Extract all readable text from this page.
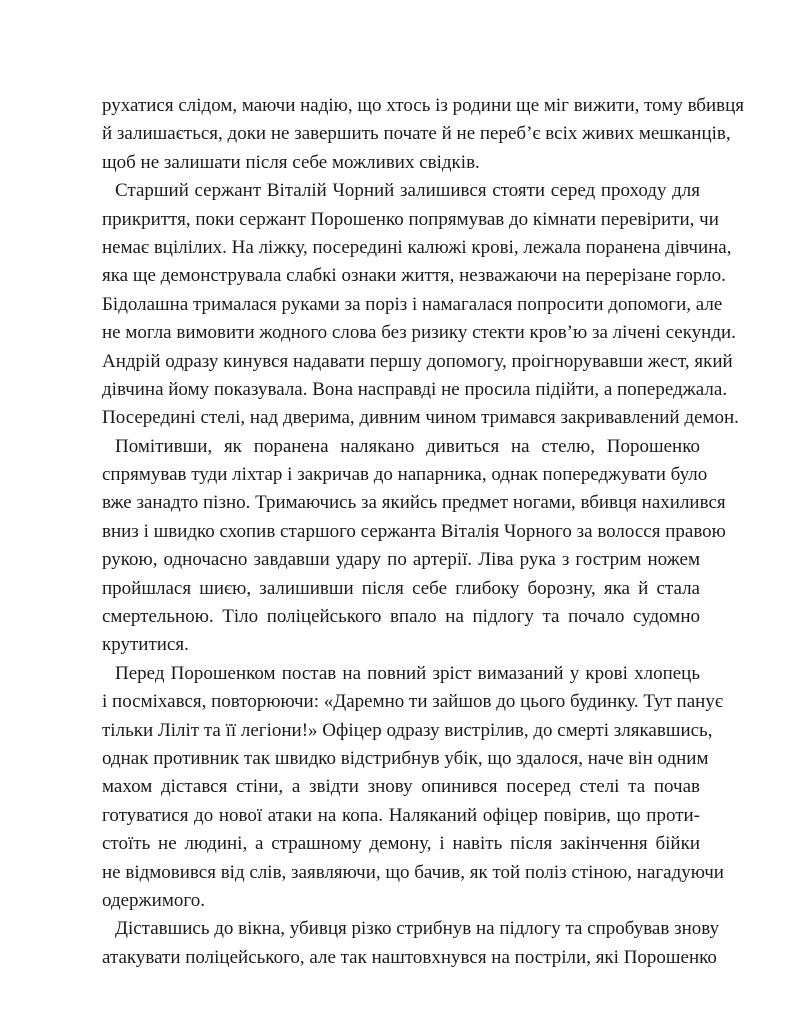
рухатися слідом, маючи надію, що хтось із родини ще міг вижити, тому вбивця
й залишається, доки не завершить почате й не переб’є всіх живих мешканців,
щоб не залишати після себе можливих свідків.
Старший сержант Віталій Чорний залишився стояти серед проходу для
прикриття, поки сержант Порошенко попрямував до кімнати перевірити, чи
немає вцілілих. На ліжку, посередині калюжі крові, лежала поранена дівчина,
яка ще демонструвала слабкі ознаки життя, незважаючи на перерізане горло.
Бідолашна трималася руками за поріз і намагалася попросити допомоги, але
не могла вимовити жодного слова без ризику стекти кров’ю за лічені секунди.
Андрій одразу кинувся надавати першу допомогу, проігнорувавши жест, який
дівчина йому показувала. Вона насправді не просила підійти, а попереджала.
Посередині стелі, над дверима, дивним чином тримався закривавлений демон.
Помітивши, як поранена налякано дивиться на стелю, Порошенко
спрямував туди ліхтар і закричав до напарника, однак попереджувати було
вже занадто пізно. Тримаючись за якийсь предмет ногами, вбивця нахилився
вниз і швидко схопив старшого сержанта Віталія Чорного за волосся правою
рукою, одночасно завдавши удару по артерії. Ліва рука з гострим ножем
пройшлася шиєю, залишивши після себе глибоку борозну, яка й стала
смертельною. Тіло поліцейського впало на підлогу та почало судомно
крутитися.
Перед Порошенком постав на повний зріст вимазаний у крові хлопець
і посміхався, повторюючи: «Даремно ти зайшов до цього будинку. Тут панує
тільки Ліліт та її легіони!» Офіцер одразу вистрілив, до смерті злякавшись,
однак противник так швидко відстрибнув убік, що здалося, наче він одним
махом дістався стіни, а звідти знову опинився посеред стелі та почав
готуватися до нової атаки на копа. Наляканий офіцер повірив, що проти-
стоїть не людині, а страшному демону, і навіть після закінчення бійки
не відмовився від слів, заявляючи, що бачив, як той поліз стіною, нагадуючи
одержимого.
Діставшись до вікна, убивця різко стрибнув на підлогу та спробував знову
атакувати поліцейського, але так наштовхнувся на постріли, які Порошенко
